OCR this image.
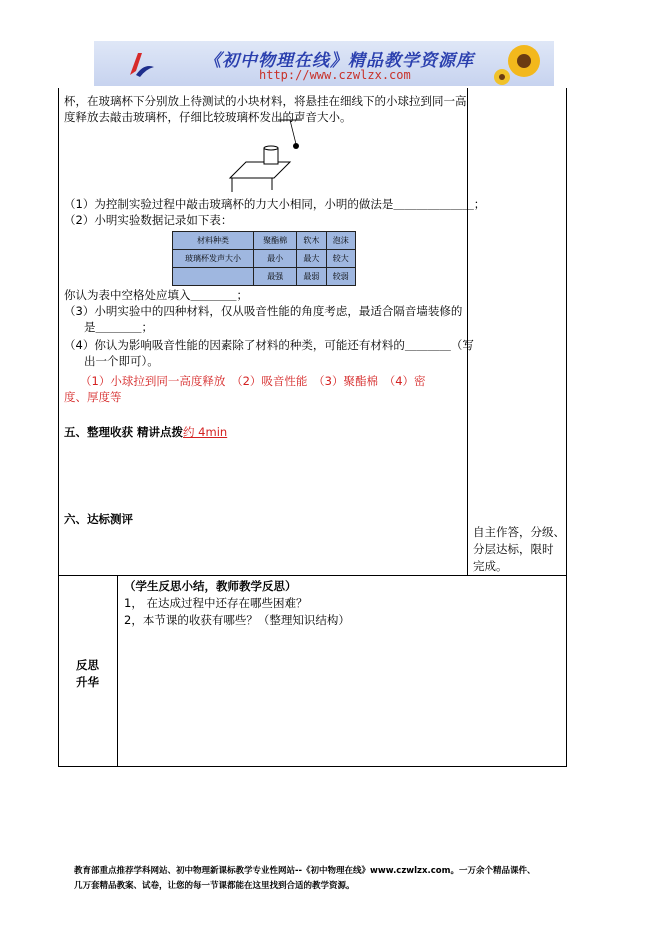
《初中物理在线》精品教学资源库
http://www.czwlzx.com
杯，在玻璃杯下分别放上待测试的小块材料，将悬挂在细线下的小球拉到同一高
度释放去敲击玻璃杯，仔细比较玻璃杯发出的声音大小。
（1）为控制实验过程中敲击玻璃杯的力大小相同，小明的做法是＿＿＿＿＿＿＿；
（2）小明实验数据记录如下表：
材料种类	聚酯棉	软木	泡沫
玻璃杯发声大小	最小	最大	较大
	最强	最弱	较弱
你认为表中空格处应填入＿＿＿＿；
（3）小明实验中的四种材料，仅从吸音性能的角度考虑，最适合隔音墙装修的
是＿＿＿＿；
（4）你认为影响吸音性能的因素除了材料的种类，可能还有材料的＿＿＿＿（写
出一个即可）。
（1）小球拉到同一高度释放　（2）吸音性能　（3）聚酯棉　（4）密
度、厚度等
五、整理收获 精讲点拨约 4min
六、达标测评
自主作答，分级、
分层达标，限时
完成。
反思
升华
（学生反思小结，教师教学反思）
1， 在达成过程中还存在哪些困难？
2，本节课的收获有哪些？（整理知识结构）
教育部重点推荐学科网站、初中物理新课标教学专业性网站--《初中物理在线》www.czwlzx.com。一万余个精品课件、
几万套精品教案、试卷，让您的每一节课都能在这里找到合适的教学资源。
